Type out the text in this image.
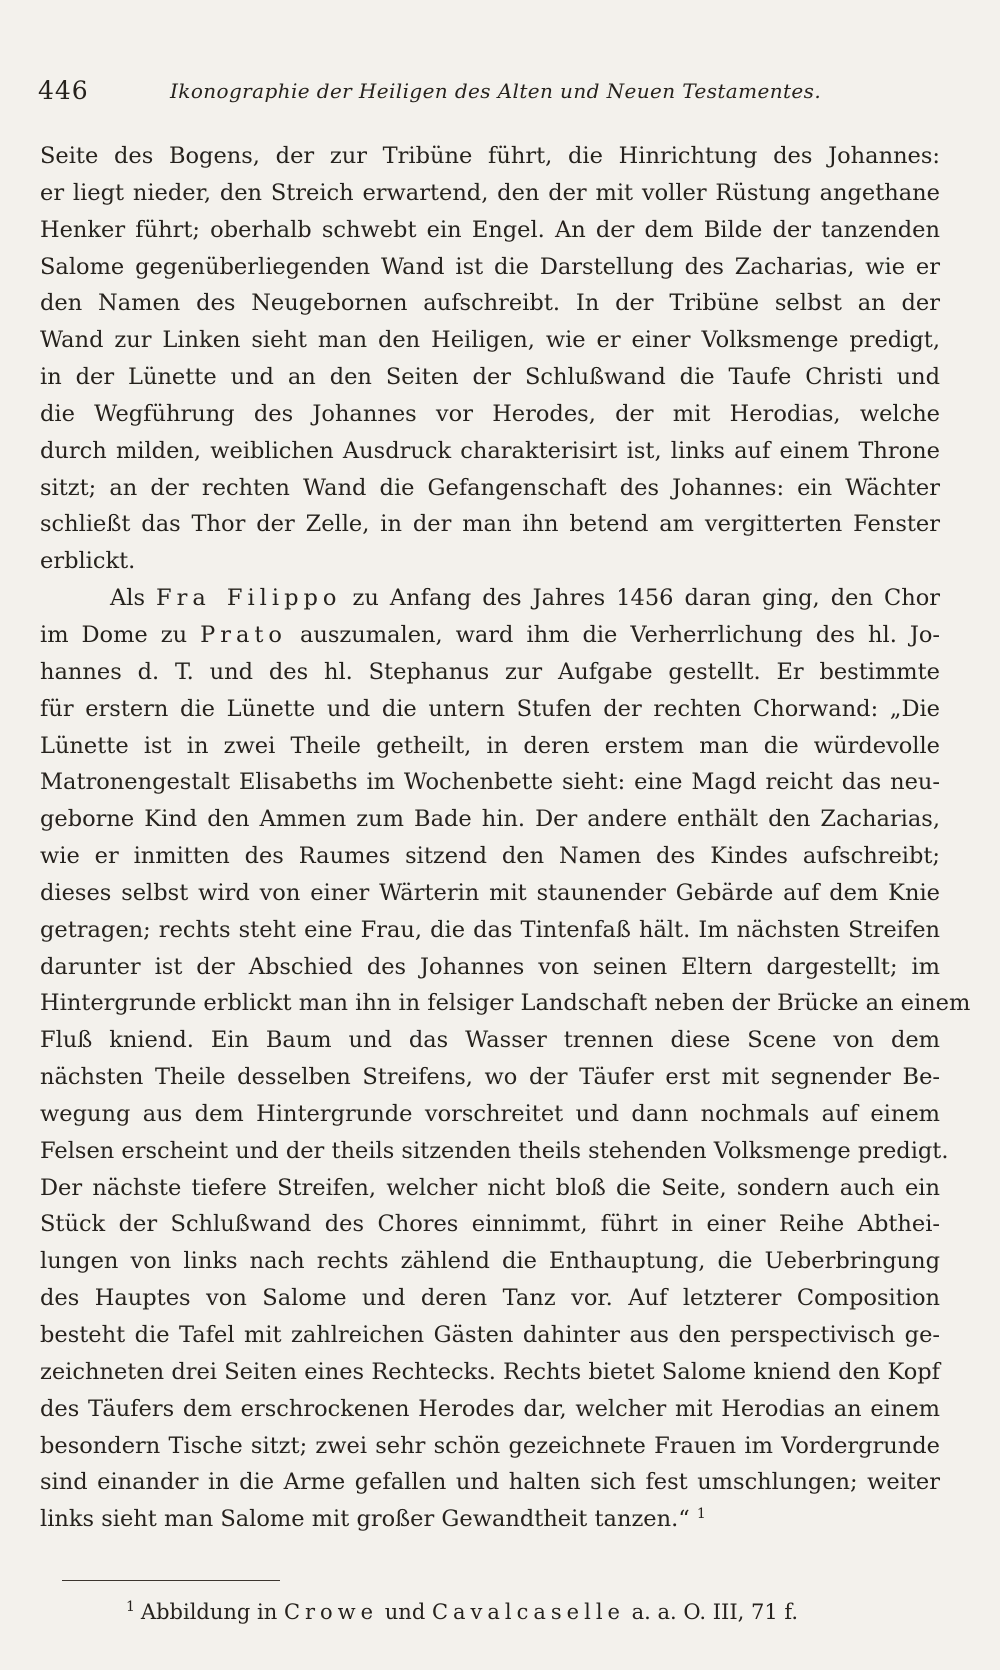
446	Ikonographie der Heiligen des Alten und Neuen Testamentes.
Seite des Bogens, der zur Tribüne führt, die Hinrichtung des Johannes:
er liegt nieder, den Streich erwartend, den der mit voller Rüstung angethane
Henker führt; oberhalb schwebt ein Engel. An der dem Bilde der tanzenden
Salome gegenüberliegenden Wand ist die Darstellung des Zacharias, wie er
den Namen des Neugebornen aufschreibt. In der Tribüne selbst an der
Wand zur Linken sieht man den Heiligen, wie er einer Volksmenge predigt,
in der Lünette und an den Seiten der Schlußwand die Taufe Christi und
die Wegführung des Johannes vor Herodes, der mit Herodias, welche
durch milden, weiblichen Ausdruck charakterisirt ist, links auf einem Throne
sitzt; an der rechten Wand die Gefangenschaft des Johannes: ein Wächter
schließt das Thor der Zelle, in der man ihn betend am vergitterten Fenster
erblickt.
Als Fra Filippo zu Anfang des Jahres 1456 daran ging, den Chor
im Dome zu Prato auszumalen, ward ihm die Verherrlichung des hl. Jo-
hannes d. T. und des hl. Stephanus zur Aufgabe gestellt. Er bestimmte
für erstern die Lünette und die untern Stufen der rechten Chorwand: „Die
Lünette ist in zwei Theile getheilt, in deren erstem man die würdevolle
Matronengestalt Elisabeths im Wochenbette sieht: eine Magd reicht das neu-
geborne Kind den Ammen zum Bade hin. Der andere enthält den Zacharias,
wie er inmitten des Raumes sitzend den Namen des Kindes aufschreibt;
dieses selbst wird von einer Wärterin mit staunender Gebärde auf dem Knie
getragen; rechts steht eine Frau, die das Tintenfaß hält. Im nächsten Streifen
darunter ist der Abschied des Johannes von seinen Eltern dargestellt; im
Hintergrunde erblickt man ihn in felsiger Landschaft neben der Brücke an einem
Fluß kniend. Ein Baum und das Wasser trennen diese Scene von dem
nächsten Theile desselben Streifens, wo der Täufer erst mit segnender Be-
wegung aus dem Hintergrunde vorschreitet und dann nochmals auf einem
Felsen erscheint und der theils sitzenden theils stehenden Volksmenge predigt.
Der nächste tiefere Streifen, welcher nicht bloß die Seite, sondern auch ein
Stück der Schlußwand des Chores einnimmt, führt in einer Reihe Abthei-
lungen von links nach rechts zählend die Enthauptung, die Ueberbringung
des Hauptes von Salome und deren Tanz vor. Auf letzterer Composition
besteht die Tafel mit zahlreichen Gästen dahinter aus den perspectivisch ge-
zeichneten drei Seiten eines Rechtecks. Rechts bietet Salome kniend den Kopf
des Täufers dem erschrockenen Herodes dar, welcher mit Herodias an einem
besondern Tische sitzt; zwei sehr schön gezeichnete Frauen im Vordergrunde
sind einander in die Arme gefallen und halten sich fest umschlungen; weiter
links sieht man Salome mit großer Gewandtheit tanzen.“ $^1$
$^1$ Abbildung in Crowe und Cavalcaselle a. a. O. III, 71 f.
